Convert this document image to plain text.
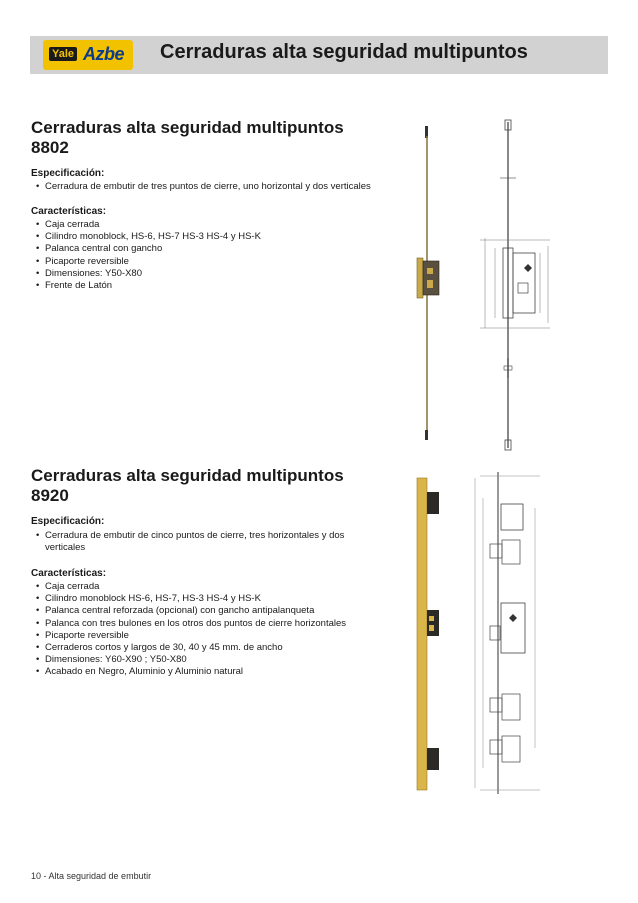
Yale Azbe Cerraduras alta seguridad multipuntos
Cerraduras alta seguridad multipuntos
8802
Especificación:
• Cerradura de embutir de tres puntos de cierre, uno horizontal y dos verticales
Características:
• Caja cerrada
• Cilindro monoblock, HS-6, HS-7 HS-3 HS-4 y HS-K
• Palanca central con gancho
• Picaporte reversible
• Dimensiones: Y50-X80
• Frente de Latón
Cerraduras alta seguridad multipuntos
8920
Especificación:
• Cerradura de embutir de cinco puntos de cierre, tres horizontales y dos verticales
Características:
• Caja cerrada
• Cilindro monoblock HS-6, HS-7, HS-3 HS-4 y HS-K
• Palanca central reforzada (opcional) con gancho antipalanqueta
• Palanca con tres bulones en los otros dos puntos de cierre horizontales
• Picaporte reversible
• Cerraderos cortos y largos de 30, 40 y 45 mm. de ancho
• Dimensiones: Y60-X90 ; Y50-X80
• Acabado en Negro, Aluminio y Aluminio natural
10 - Alta seguridad de embutir
